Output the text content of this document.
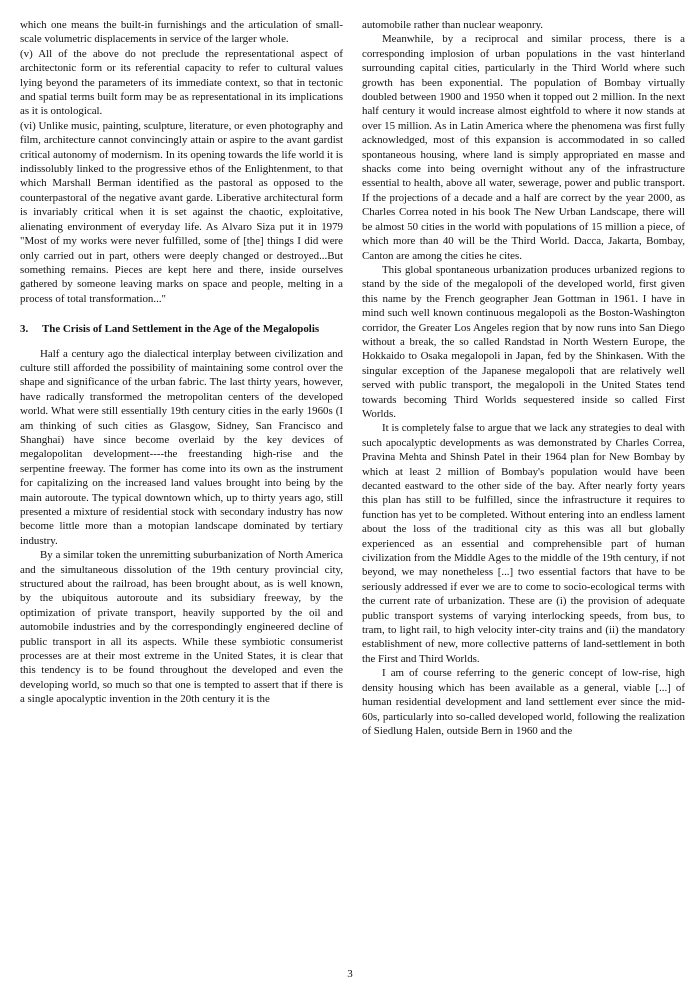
which one means the built-in furnishings and the articulation of small-scale volumetric displacements in service of the larger whole.

(v) All of the above do not preclude the representational aspect of architectonic form or its referential capacity to refer to cultural values lying beyond the parameters of its immediate context, so that in tectonic and spatial terms built form may be as representational in its implications as it is ontological.

(vi) Unlike music, painting, sculpture, literature, or even photography and film, architecture cannot convincingly attain or aspire to the avant gardist critical autonomy of modernism. In its opening towards the life world it is indissolubly linked to the progressive ethos of the Enlightenment, to that which Marshall Berman identified as the pastoral as opposed to the counterpastoral of the negative avant garde. Liberative architectural form is invariably critical when it is set against the chaotic, exploitative, alienating environment of everyday life. As Alvaro Siza put it in 1979 "Most of my works were never fulfilled, some of [the] things I did were only carried out in part, others were deeply changed or destroyed...But something remains. Pieces are kept here and there, inside ourselves gathered by someone leaving marks on space and people, melting in a process of total transformation..."

3.	The Crisis of Land Settlement in the Age of the Megalopolis

Half a century ago the dialectical interplay between civilization and culture still afforded the possibility of maintaining some control over the shape and significance of the urban fabric. The last thirty years, however, have radically transformed the metropolitan centers of the developed world. What were still essentially 19th century cities in the early 1960s (I am thinking of such cities as Glasgow, Sidney, San Francisco and Shanghai) have since become overlaid by the key devices of megalopolitan development----the freestanding high-rise and the serpentine freeway. The former has come into its own as the instrument for capitalizing on the increased land values brought into being by the main autoroute. The typical downtown which, up to thirty years ago, still presented a mixture of residential stock with secondary industry has now become little more than a motopian landscape dominated by tertiary industry.

By a similar token the unremitting suburbanization of North America and the simultaneous dissolution of the 19th century provincial city, structured about the railroad, has been brought about, as is well known, by the ubiquitous autoroute and its subsidiary freeway, by the optimization of private transport, heavily supported by the oil and automobile industries and by the correspondingly engineered decline of public transport in all its aspects. While these symbiotic consumerist processes are at their most extreme in the United States, it is clear that this tendency is to be found throughout the developed and even the developing world, so much so that one is tempted to assert that if there is a single apocalyptic invention in the 20th century it is the

automobile rather than nuclear weaponry.

Meanwhile, by a reciprocal and similar process, there is a corresponding implosion of urban populations in the vast hinterland surrounding capital cities, particularly in the Third World where such growth has been exponential. The population of Bombay virtually doubled between 1900 and 1950 when it topped out 2 million. In the next half century it would increase almost eightfold to where it now stands at over 15 million. As in Latin America where the phenomena was first fully acknowledged, most of this expansion is accommodated in so called spontaneous housing, where land is simply appropriated en masse and shacks come into being overnight without any of the infrastructure essential to health, above all water, sewerage, power and public transport. If the projections of a decade and a half are correct by the year 2000, as Charles Correa noted in his book The New Urban Landscape, there will be almost 50 cities in the world with populations of 15 million a piece, of which more than 40 will be the Third World. Dacca, Jakarta, Bombay, Canton are among the cities he cites.

This global spontaneous urbanization produces urbanized regions to stand by the side of the megalopoli of the developed world, first given this name by the French geographer Jean Gottman in 1961. I have in mind such well known continuous megalopoli as the Boston-Washington corridor, the Greater Los Angeles region that by now runs into San Diego without a break, the so called Randstad in North Western Europe, the Hokkaido to Osaka megalopoli in Japan, fed by the Shinkasen. With the singular exception of the Japanese megalopoli that are relatively well served with public transport, the megalopoli in the United States tend towards becoming Third Worlds sequestered inside so called First Worlds.

It is completely false to argue that we lack any strategies to deal with such apocalyptic developments as was demonstrated by Charles Correa, Pravina Mehta and Shinsh Patel in their 1964 plan for New Bombay by which at least 2 million of Bombay's population would have been decanted eastward to the other side of the bay. After nearly forty years this plan has still to be fulfilled, since the infrastructure it requires to function has yet to be completed. Without entering into an endless lament about the loss of the traditional city as this was all but globally experienced as an essential and comprehensible part of human civilization from the Middle Ages to the middle of the 19th century, if not beyond, we may nonetheless [...] two essential factors that have to be seriously addressed if ever we are to come to socio-ecological terms with the current rate of urbanization. These are (i) the provision of adequate public transport systems of varying interlocking speeds, from bus, to tram, to light rail, to high velocity inter-city trains and (ii) the mandatory establishment of new, more collective patterns of land-settlement in both the First and Third Worlds.

I am of course referring to the generic concept of low-rise, high density housing which has been available as a general, viable [...] of human residential development and land settlement ever since the mid-60s, particularly into so-called developed world, following the realization of Siedlung Halen, outside Bern in 1960 and the

3
